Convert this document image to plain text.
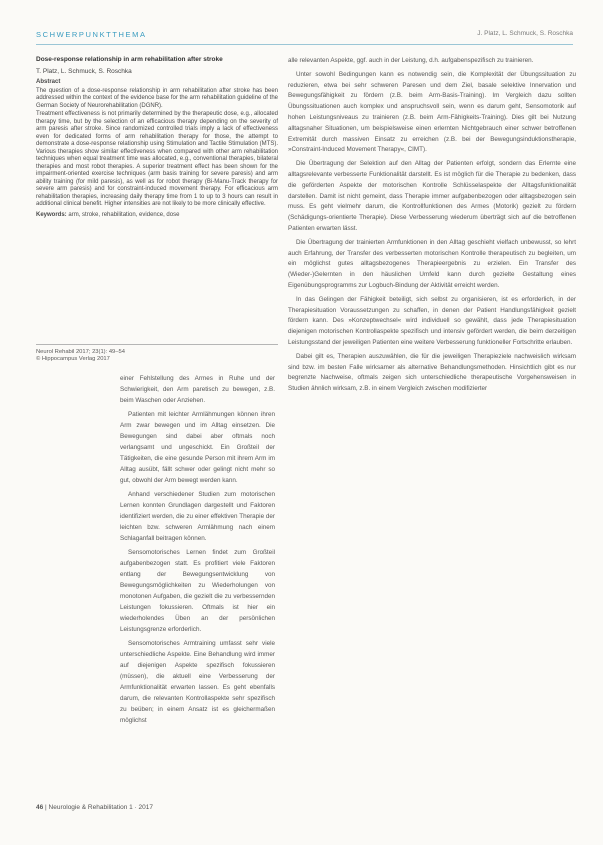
SCHWERPUNKTTHEMA	J. Platz, L. Schmuck, S. Roschka
Dose-response relationship in arm rehabilitation after stroke
T. Platz, L. Schmuck, S. Roschka
Abstract

The question of a dose-response relationship in arm rehabilitation after stroke has been addressed within the context of the evidence base for the arm rehabilitation guideline of the German Society of Neurorehabilitation (DGNR).

Treatment effectiveness is not primarily determined by the therapeutic dose, e.g., allocated therapy time, but by the selection of an efficacious therapy depending on the severity of arm paresis after stroke. Since randomized controlled trials imply a lack of effectiveness even for dedicated forms of arm rehabilitation therapy for those, the attempt to demonstrate a dose-response relationship using Stimulation and Tactile Stimulation (MTS). Various therapies show similar effectiveness when compared with other arm rehabilitation techniques when equal treatment time was allocated, e.g., conventional therapies, bilateral therapies and most robot therapies. A superior treatment effect has been shown for the impairment-oriented exercise techniques (arm basis training for severe paresis) and arm ability training (for mild paresis), as well as for robot therapy (Bi-Manu-Track therapy for severe arm paresis) and for constraint-induced movement therapy. For efficacious arm rehabilitation therapies, increasing daily therapy time from 1 to up to 3 hours can result in additional clinical benefit. Higher intensities are not likely to be more clinically effective.

Keywords: arm, stroke, rehabilitation, evidence, dose
Neurol Rehabil 2017; 23(1): 49–54
© Hippocampus Verlag 2017

einer Fehlstellung des Armes in Ruhe und der Schwierigkeit, den Arm paretisch zu bewegen, z.B. beim Waschen oder Anziehen.

Patienten mit leichter Armlähmungen können ihren Arm zwar bewegen und im Alltag einsetzen. Die Bewegungen sind dabei aber oftmals noch verlangsamt und ungeschickt. Ein Großteil der Tätigkeiten, die eine gesunde Person mit ihrem Arm im Alltag ausübt, fällt schwer oder gelingt nicht mehr so gut, obwohl der Arm bewegt werden kann.

Anhand verschiedener Studien zum motorischen Lernen konnten Grundlagen dargestellt und Faktoren identifiziert werden, die zu einer effektiven Therapie der leichten bzw. schweren Armlähmung nach einem Schlaganfall beitragen können.

Sensomotorisches Lernen findet zum Großteil aufgabenbezogen statt. Es profitiert viele Faktoren entlang der Bewegungsentwicklung von Bewegungsmöglichkeiten zu Wiederholungen von monotonen Aufgaben, die gezielt die zu verbessernden Leistungen fokussieren. Oftmals ist hier ein wiederholendes Üben an der persönlichen Leistungsgrenze erforderlich.

Sensomotorisches Armtraining umfasst sehr viele unterschiedliche Aspekte. Eine Behandlung wird immer auf diejenigen Aspekte spezifisch fokussieren (müssen), die aktuell eine Verbesserung der Armfunktionalität erwarten lassen. Es geht ebenfalls darum, die relevanten Kontrollaspekte sehr spezifisch zu beüben; in einem Ansatz ist es gleichermaßen möglichst

alle relevanten Aspekte, ggf. auch in der Leistung, d.h. aufgabenspezifisch zu trainieren.

Unter sowohl Bedingungen kann es notwendig sein, die Komplexität der Übungssituation zu reduzieren, etwa bei sehr schweren Paresen und dem Ziel, basale selektive Innervation und Bewegungsfähigkeit zu fördern (z.B. beim Arm-Basis-Training). Im Vergleich dazu sollten Übungssituationen auch komplex und anspruchsvoll sein, wenn es darum geht, Sensomotorik auf hohen Leistungsniveaus zu trainieren (z.B. beim Arm-Fähigkeits-Training). Dies gilt bei Nutzung alltagsnaher Situationen, um beispielsweise einen erlernten Nichtgebrauch einer schwer betroffenen Extremität durch massiven Einsatz zu erreichen (z.B. bei der Bewegungsinduktionstherapie, »Constraint-Induced Movement Therapy«, CIMT).

Die Übertragung der Selektion auf den Alltag der Patienten erfolgt, sondern das Erlernte eine alltagsrelevante verbesserte Funktionalität darstellt. Es ist möglich für die Therapie zu bedenken, dass die geförderten Aspekte der motorischen Kontrolle Schlüsselaspekte der Alltagsfunktionalität darstellen. Damit ist nicht gemeint, dass Therapie immer aufgabenbezogen oder alltagsbezogen sein muss. Es geht vielmehr darum, die Kontrollfunktionen des Armes (Motorik) gezielt zu fördern (Schädigungs-orientierte Therapie). Diese Verbesserung wiederum überträgt sich auf die betroffenen Patienten erwarten lässt.

Die Übertragung der trainierten Armfunktionen in den Alltag geschieht vielfach unbewusst, so lehrt auch Erfahrung, der Transfer des verbesserten motorischen Kontrolle therapeutisch zu begleiten, um ein möglichst gutes alltagsbezogenes Therapieergebnis zu erzielen. Ein Transfer des (Wieder-)Gelernten in den häuslichen Umfeld kann durch gezielte Gestaltung eines Eigenübungsprogramms zur Logbuch-Bindung der Aktivität erreicht werden.

In das Gelingen der Fähigkeit beteiligt, sich selbst zu organisieren, ist es erforderlich, in der Therapiesituation Voraussetzungen zu schaffen, in denen der Patient Handlungsfähigkeit gezielt fördern kann. Des »Konzeptwechsel« wird individuell so gewählt, dass jede Therapiesituation diejenigen motorischen Kontrollaspekte spezifisch und intensiv gefördert werden, die beim derzeitigen Leistungsstand der jeweiligen Patienten eine weitere Verbesserung funktioneller Fortschritte erlauben.

Dabei gilt es, Therapien auszuwählen, die für die jeweiligen Therapieziele nachweislich wirksam sind bzw. im besten Falle wirksamer als alternative Behandlungsmethoden. Hinsichtlich gibt es nur begrenzte Nachweise, oftmals zeigen sich unterschiedliche therapeutische Vorgehensweisen in Studien ähnlich wirksam, z.B. in einem Vergleich zwischen modifizierter

46 | Neurologie & Rehabilitation 1 · 2017
